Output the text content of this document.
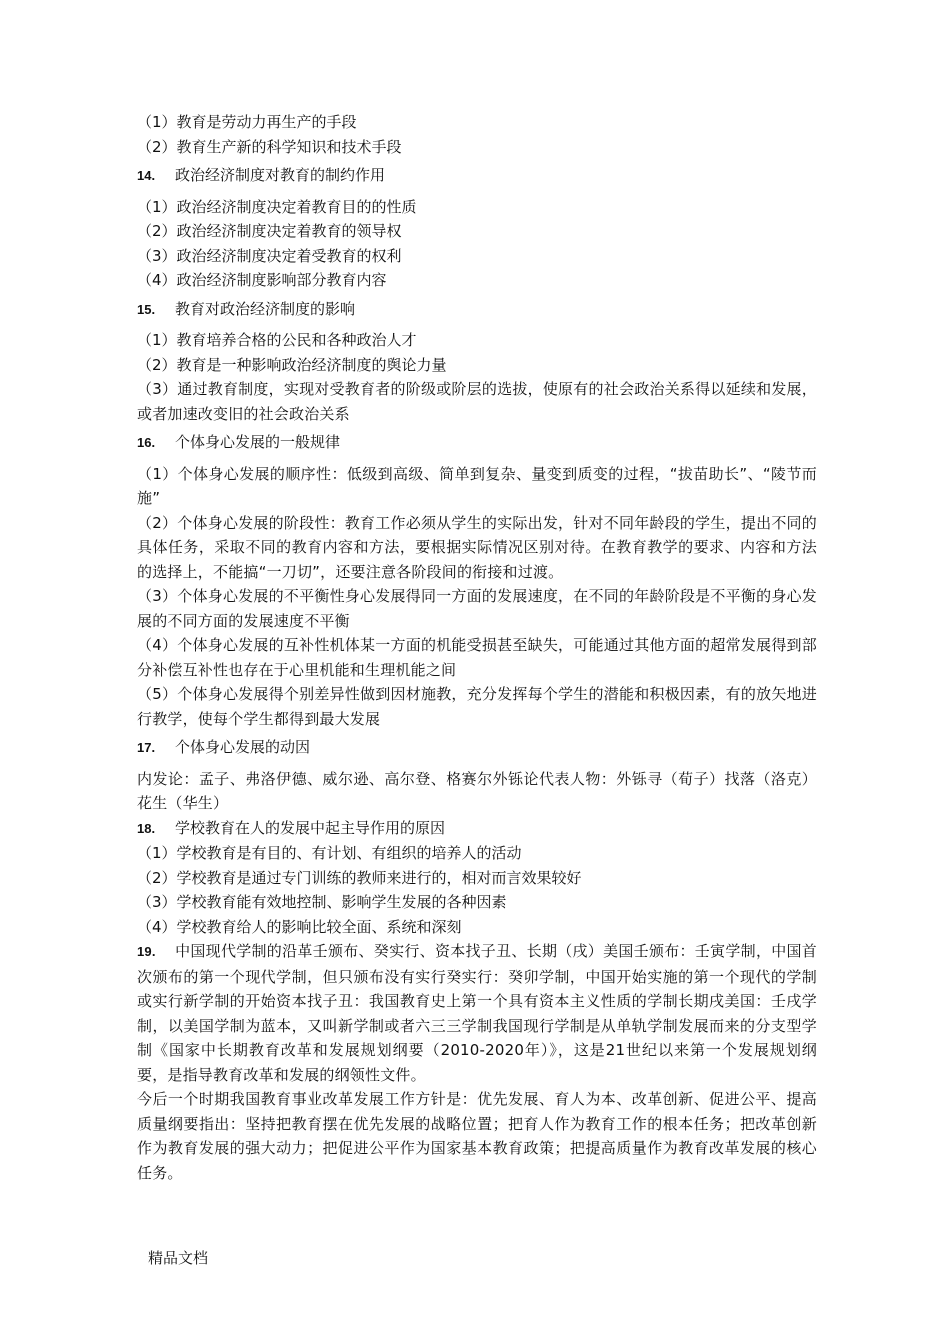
（1）教育是劳动力再生产的手段
（2）教育生产新的科学知识和技术手段
14. 政治经济制度对教育的制约作用
（1）政治经济制度决定着教育目的的性质
（2）政治经济制度决定着教育的领导权
（3）政治经济制度决定着受教育的权利
（4）政治经济制度影响部分教育内容
15. 教育对政治经济制度的影响
（1）教育培养合格的公民和各种政治人才
（2）教育是一种影响政治经济制度的舆论力量
（3）通过教育制度，实现对受教育者的阶级或阶层的选拔，使原有的社会政治关系得以延续和发展，或者加速改变旧的社会政治关系
16. 个体身心发展的一般规律
（1）个体身心发展的顺序性：低级到高级、简单到复杂、量变到质变的过程，“拔苗助长”、“陵节而施”
（2）个体身心发展的阶段性：教育工作必须从学生的实际出发，针对不同年龄段的学生，提出不同的具体任务，采取不同的教育内容和方法，要根据实际情况区别对待。在教育教学的要求、内容和方法的选择上，不能搞“一刀切”，还要注意各阶段间的衔接和过渡。
（3）个体身心发展的不平衡性身心发展得同一方面的发展速度，在不同的年龄阶段是不平衡的身心发展的不同方面的发展速度不平衡
（4）个体身心发展的互补性机体某一方面的机能受损甚至缺失，可能通过其他方面的超常发展得到部分补偿互补性也存在于心里机能和生理机能之间
（5）个体身心发展得个别差异性做到因材施教，充分发挥每个学生的潜能和积极因素，有的放矢地进行教学，使每个学生都得到最大发展
17. 个体身心发展的动因
内发论：孟子、弗洛伊德、威尔逊、高尔登、格赛尔外铄论代表人物：外铄寻（荀子）找落（洛克）花生（华生）
18. 学校教育在人的发展中起主导作用的原因
（1）学校教育是有目的、有计划、有组织的培养人的活动
（2）学校教育是通过专门训练的教师来进行的，相对而言效果较好
（3）学校教育能有效地控制、影响学生发展的各种因素
（4）学校教育给人的影响比较全面、系统和深刻
19. 中国现代学制的沿革壬颁布、癸实行、资本找子丑、长期（戌）美国壬颁布：壬寅学制，中国首次颁布的第一个现代学制，但只颁布没有实行癸实行：癸卯学制，中国开始实施的第一个现代的学制或实行新学制的开始资本找子丑：我国教育史上第一个具有资本主义性质的学制长期戌美国：壬戌学制，以美国学制为蓝本，又叫新学制或者六三三学制我国现行学制是从单轨学制发展而来的分支型学制《国家中长期教育改革和发展规划纲要（2010-2020年）》，这是21世纪以来第一个发展规划纲要，是指导教育改革和发展的纲领性文件。
今后一个时期我国教育事业改革发展工作方针是：优先发展、育人为本、改革创新、促进公平、提高质量纲要指出：坚持把教育摆在优先发展的战略位置；把育人作为教育工作的根本任务；把改革创新作为教育发展的强大动力；把促进公平作为国家基本教育政策；把提高质量作为教育改革发展的核心任务。
精品文档
